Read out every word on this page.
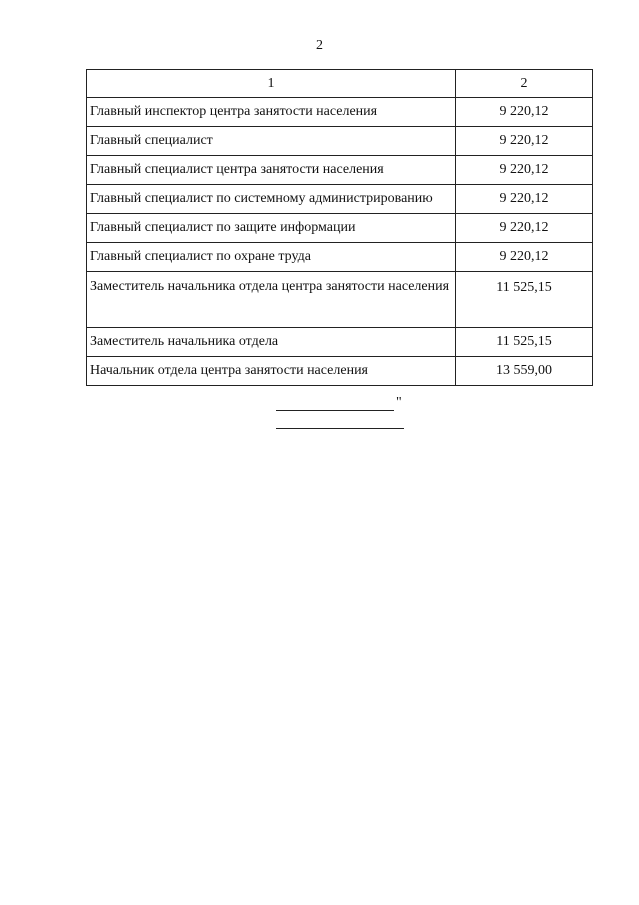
2
1	2
Главный инспектор центра занятости населения	9 220,12
Главный специалист	9 220,12
Главный специалист центра занятости населения	9 220,12
Главный специалист по системному администрированию	9 220,12
Главный специалист по защите информации	9 220,12
Главный специалист по охране труда	9 220,12
Заместитель начальника отдела центра занятости населения	11 525,15
Заместитель начальника отдела	11 525,15
Начальник отдела центра занятости населения	13 559,00
"
